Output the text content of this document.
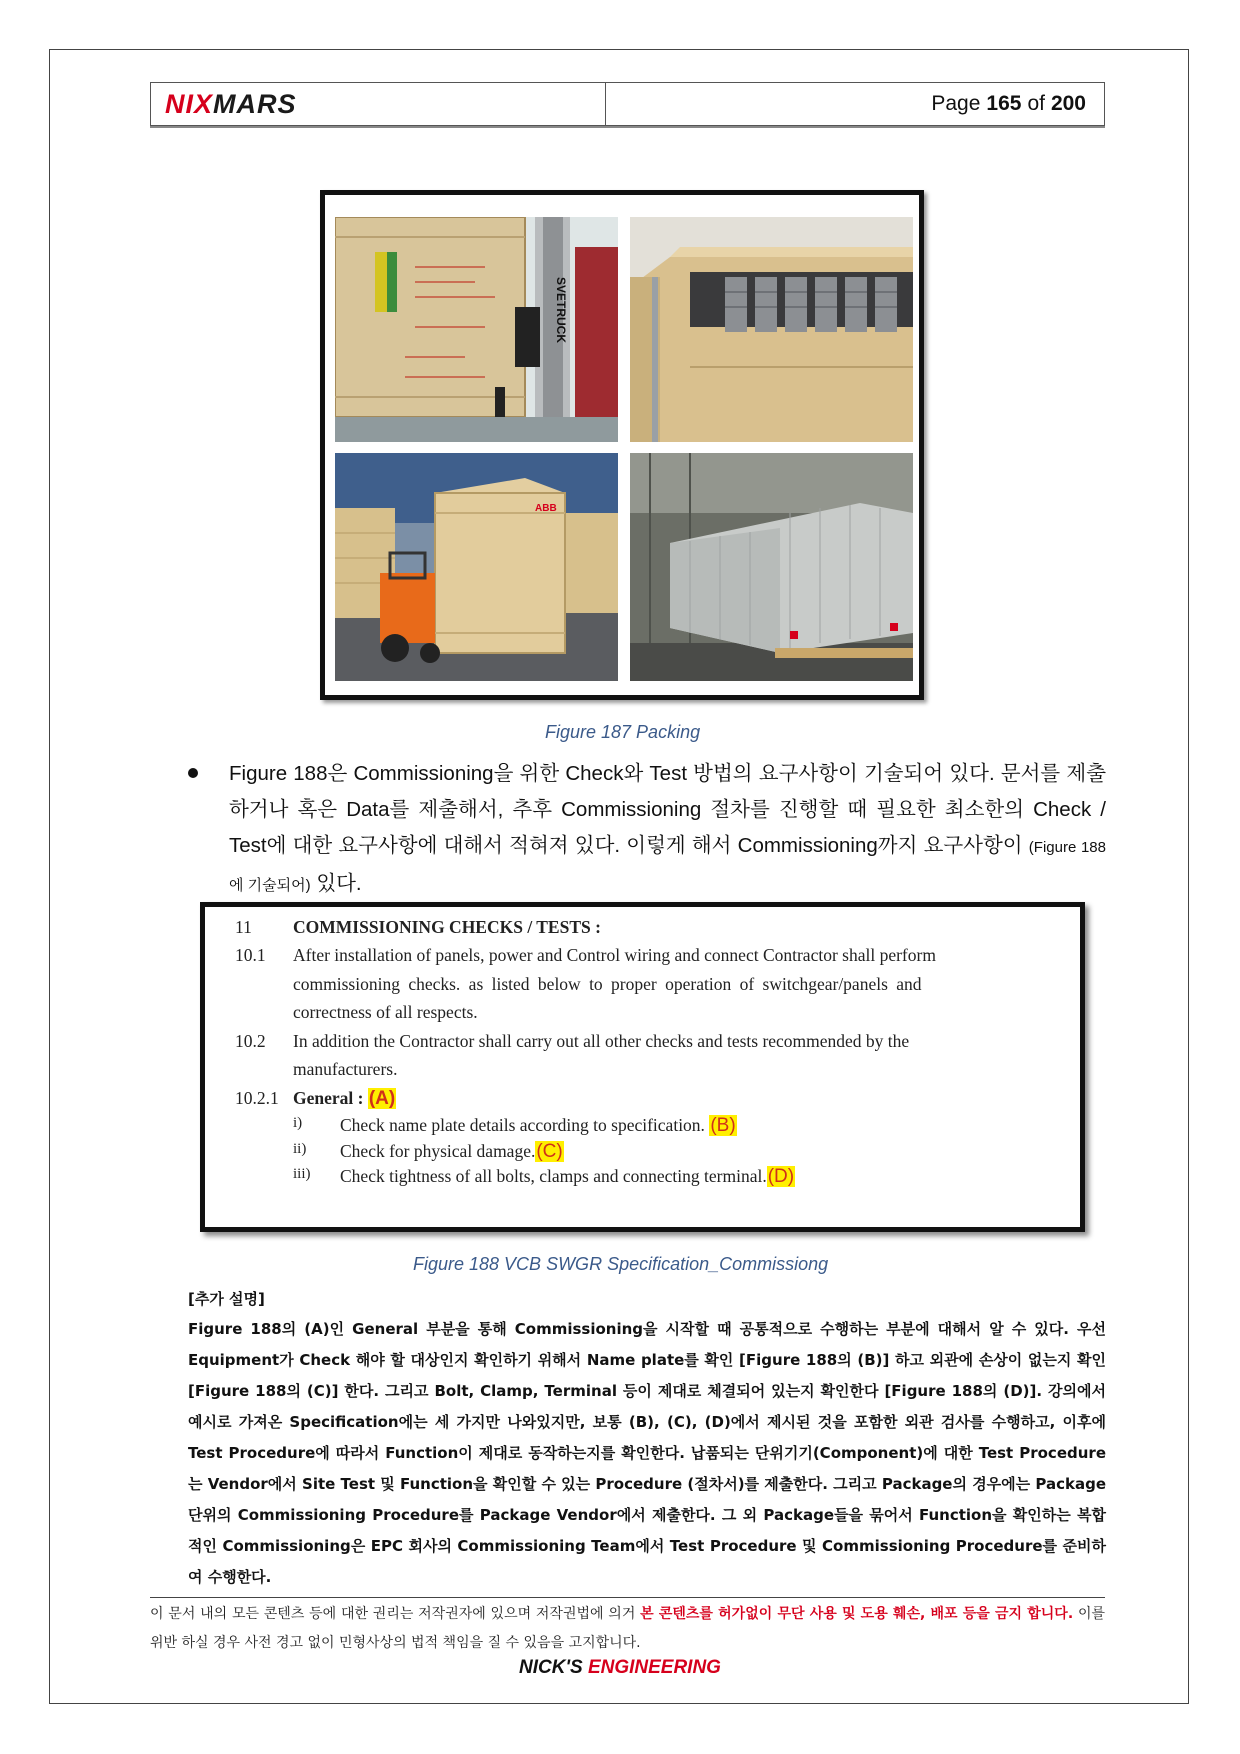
NIXMARS	Page 165 of 200
SVETRUCK
ABB
Figure 187 Packing
Figure 188은 Commissioning을 위한 Check와 Test 방법의 요구사항이 기술되어 있다. 문서를 제출하거나 혹은 Data를 제출해서, 추후 Commissioning 절차를 진행할 때 필요한 최소한의 Check / Test에 대한 요구사항에 대해서 적혀져 있다. 이렇게 해서 Commissioning까지 요구사항이 (Figure 188에 기술되어) 있다.
11 COMMISSIONING CHECKS / TESTS :
10.1 After installation of panels, power and Control wiring and connect Contractor shall perform
commissioning checks. as listed below to proper operation of switchgear/panels and
correctness of all respects.
10.2 In addition the Contractor shall carry out all other checks and tests recommended by the
manufacturers.
10.2.1 General : (A)
i) Check name plate details according to specification. (B)
ii) Check for physical damage.(C)
iii) Check tightness of all bolts, clamps and connecting terminal.(D)
Figure 188 VCB SWGR Specification_Commissiong
[추가 설명]
Figure 188의 (A)인 General 부분을 통해 Commissioning을 시작할 때 공통적으로 수행하는 부분에 대해서 알 수 있다. 우선 Equipment가 Check 해야 할 대상인지 확인하기 위해서 Name plate를 확인 [Figure 188의 (B)] 하고 외관에 손상이 없는지 확인[Figure 188의 (C)] 한다. 그리고 Bolt, Clamp, Terminal 등이 제대로 체결되어 있는지 확인한다 [Figure 188의 (D)]. 강의에서 예시로 가져온 Specification에는 세 가지만 나와있지만, 보통 (B), (C), (D)에서 제시된 것을 포함한 외관 검사를 수행하고, 이후에 Test Procedure에 따라서 Function이 제대로 동작하는지를 확인한다. 납품되는 단위기기(Component)에 대한 Test Procedure는 Vendor에서 Site Test 및 Function을 확인할 수 있는 Procedure (절차서)를 제출한다. 그리고 Package의 경우에는 Package 단위의 Commissioning Procedure를 Package Vendor에서 제출한다. 그 외 Package들을 묶어서 Function을 확인하는 복합적인 Commissioning은 EPC 회사의 Commissioning Team에서 Test Procedure 및 Commissioning Procedure를 준비하여 수행한다.
이 문서 내의 모든 콘텐츠 등에 대한 권리는 저작권자에 있으며 저작권법에 의거 본 콘텐츠를 허가없이 무단 사용 및 도용 훼손, 배포 등을 금지 합니다. 이를 위반 하실 경우 사전 경고 없이 민형사상의 법적 책임을 질 수 있음을 고지합니다.
NICK'S ENGINEERING
